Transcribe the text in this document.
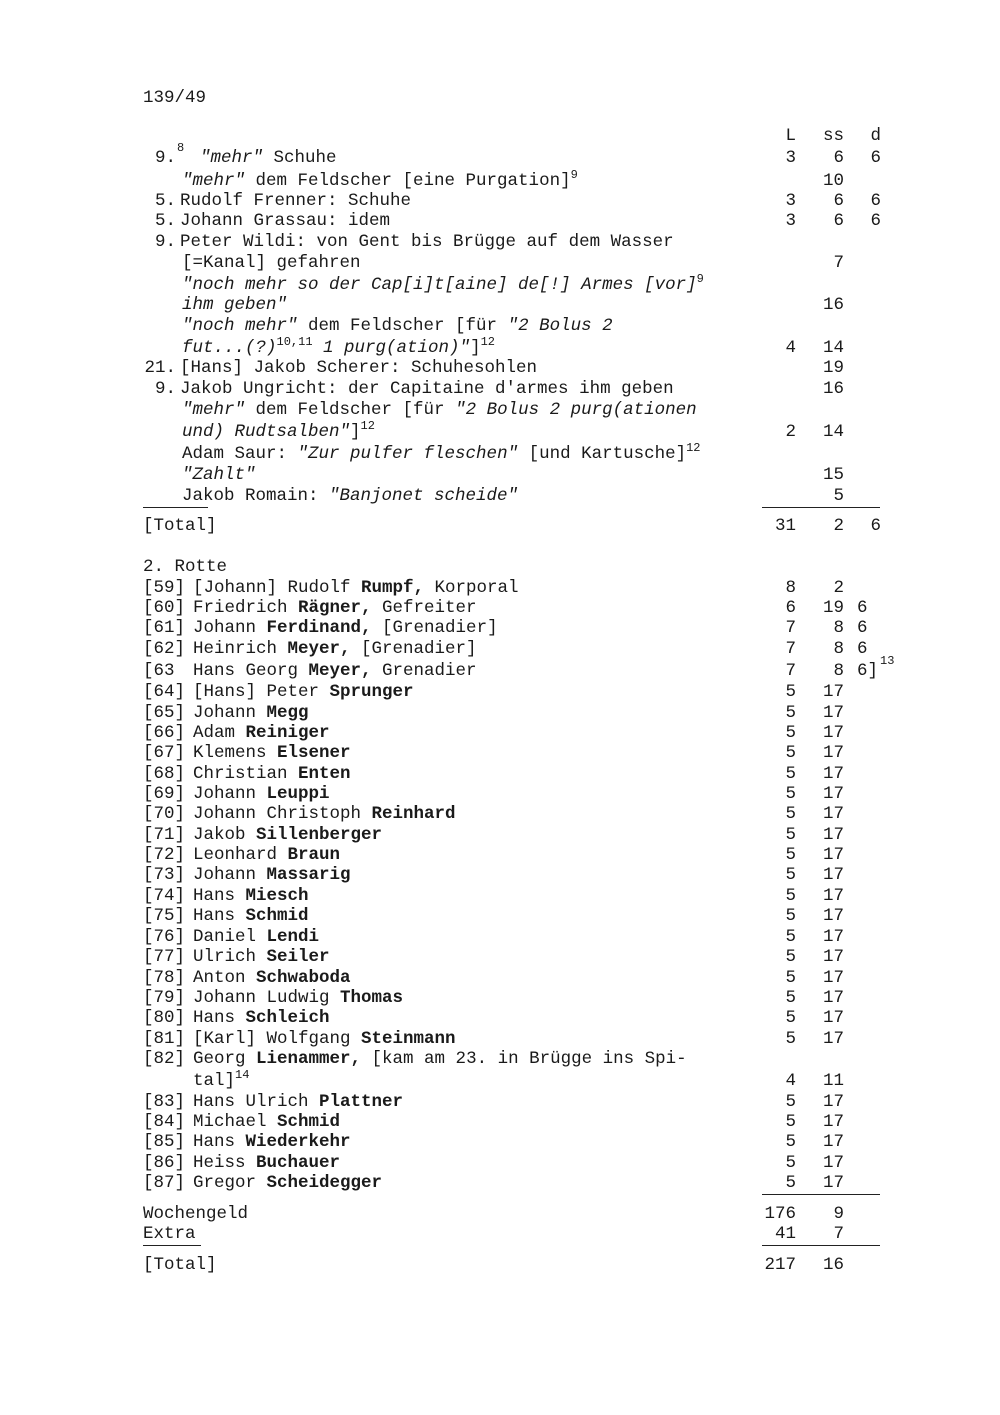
139/49
L	ss	d
9. 8 "mehr" Schuhe	3	6	6
"mehr" dem Feldscher [eine Purgation]$^9$	10
5. Rudolf Frenner: Schuhe	3	6	6
5. Johann Grassau: idem	3	6	6
9. Peter Wildi: von Gent bis Brügge auf dem Wasser
[=Kanal] gefahren	7
"noch mehr so der Cap[i]t[aine] de[!] Armes [vor]$^9$
ihm geben"	16
"noch mehr" dem Feldscher [für "2 Bolus 2
fut...(?)$^{10,11}$ 1 purg(ation)"]$^{12}$	4	14
21. [Hans] Jakob Scherer: Schuhesohlen	19
9. Jakob Ungricht: der Capitaine d'armes ihm geben	16
"mehr" dem Feldscher [für "2 Bolus 2 purg(ationen
und) Rudtsalben"]$^{12}$	2	14
Adam Saur: "Zur pulfer fleschen" [und Kartusche]$^{12}$
"Zahlt"	15
Jakob Romain: "Banjonet scheide"	5
[Total]	31	2	6
2. Rotte
[59] [Johann] Rudolf Rumpf, Korporal	8	2
[60] Friedrich Rägner, Gefreiter	6	19 6
[61] Johann Ferdinand, [Grenadier]	7	8 6
[62] Heinrich Meyer, [Grenadier]	7	8 6
[63 Hans Georg Meyer, Grenadier	7	8 6] 13
[64] [Hans] Peter Sprunger	5	17
[65] Johann Megg	5	17
[66] Adam Reiniger	5	17
[67] Klemens Elsener	5	17
[68] Christian Enten	5	17
[69] Johann Leuppi	5	17
[70] Johann Christoph Reinhard	5	17
[71] Jakob Sillenberger	5	17
[72] Leonhard Braun	5	17
[73] Johann Massarig	5	17
[74] Hans Miesch	5	17
[75] Hans Schmid	5	17
[76] Daniel Lendi	5	17
[77] Ulrich Seiler	5	17
[78] Anton Schwaboda	5	17
[79] Johann Ludwig Thomas	5	17
[80] Hans Schleich	5	17
[81] [Karl] Wolfgang Steinmann	5	17
[82] Georg Lienammer, [kam am 23. in Brügge ins Spi-
tal]$^{14}$	4	11
[83] Hans Ulrich Plattner	5	17
[84] Michael Schmid	5	17
[85] Hans Wiederkehr	5	17
[86] Heiss Buchauer	5	17
[87] Gregor Scheidegger	5	17
Wochengeld	176	9
Extra	41	7
[Total]	217	16
